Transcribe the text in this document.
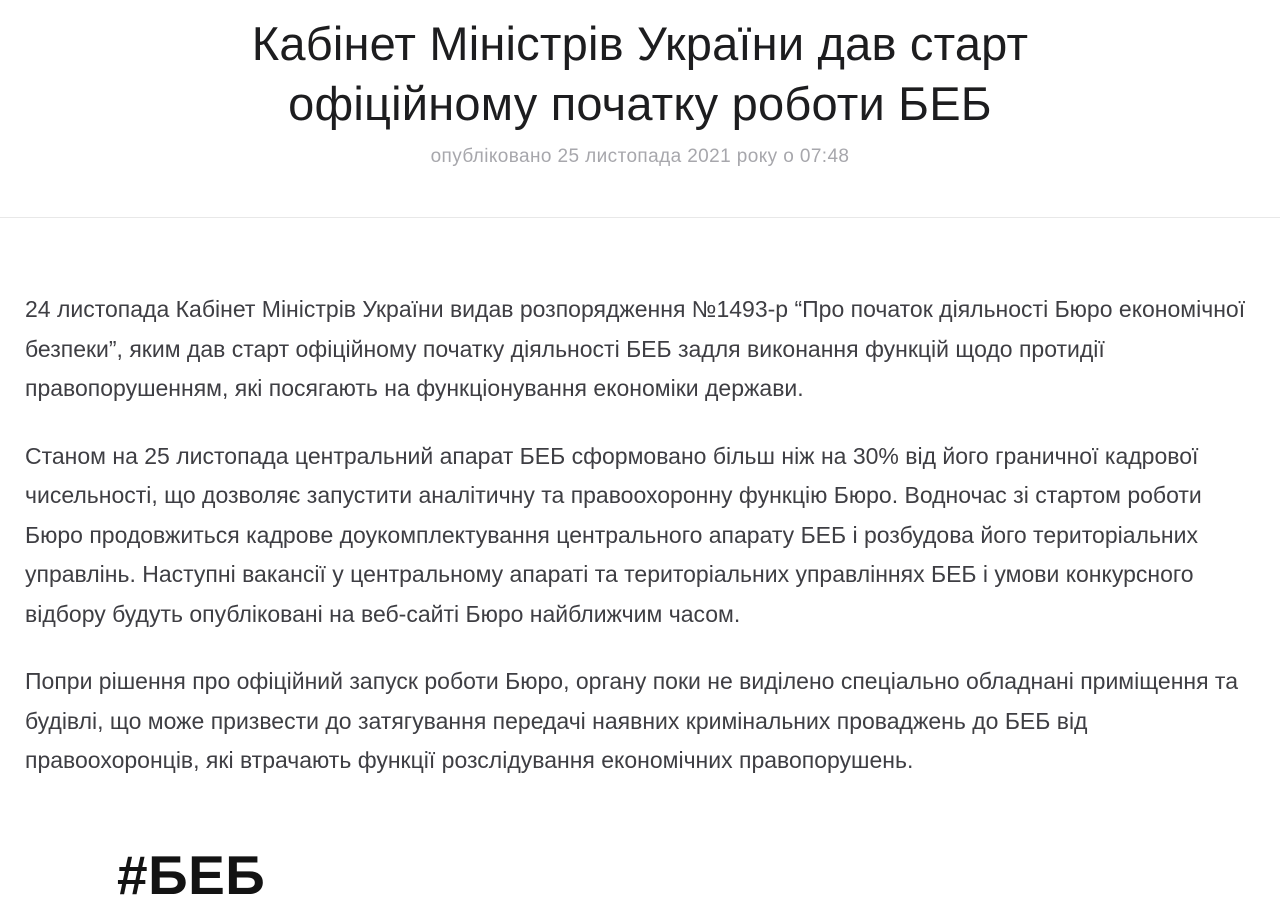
Кабінет Міністрів України дав старт
офіційному початку роботи БЕБ
опубліковано 25 листопада 2021 року о 07:48

24 листопада Кабінет Міністрів України видав розпорядження №1493-р “Про початок діяльності Бюро економічної безпеки”, яким дав старт офіційному початку діяльності БЕБ задля виконання функцій щодо протидії правопорушенням, які посягають на функціонування економіки держави.

Станом на 25 листопада центральний апарат БЕБ сформовано більш ніж на 30% від його граничної кадрової чисельності, що дозволяє запустити аналітичну та правоохоронну функцію Бюро. Водночас зі стартом роботи Бюро продовжиться кадрове доукомплектування центрального апарату БЕБ і розбудова його територіальних управлінь. Наступні вакансії у центральному апараті та територіальних управліннях БЕБ і умови конкурсного відбору будуть опубліковані на веб-сайті Бюро найближчим часом.

Попри рішення про офіційний запуск роботи Бюро, органу поки не виділено спеціально обладнані приміщення та будівлі, що може призвести до затягування передачі наявних кримінальних проваджень до БЕБ від правоохоронців, які втрачають функції розслідування економічних правопорушень.

#БЕБ
